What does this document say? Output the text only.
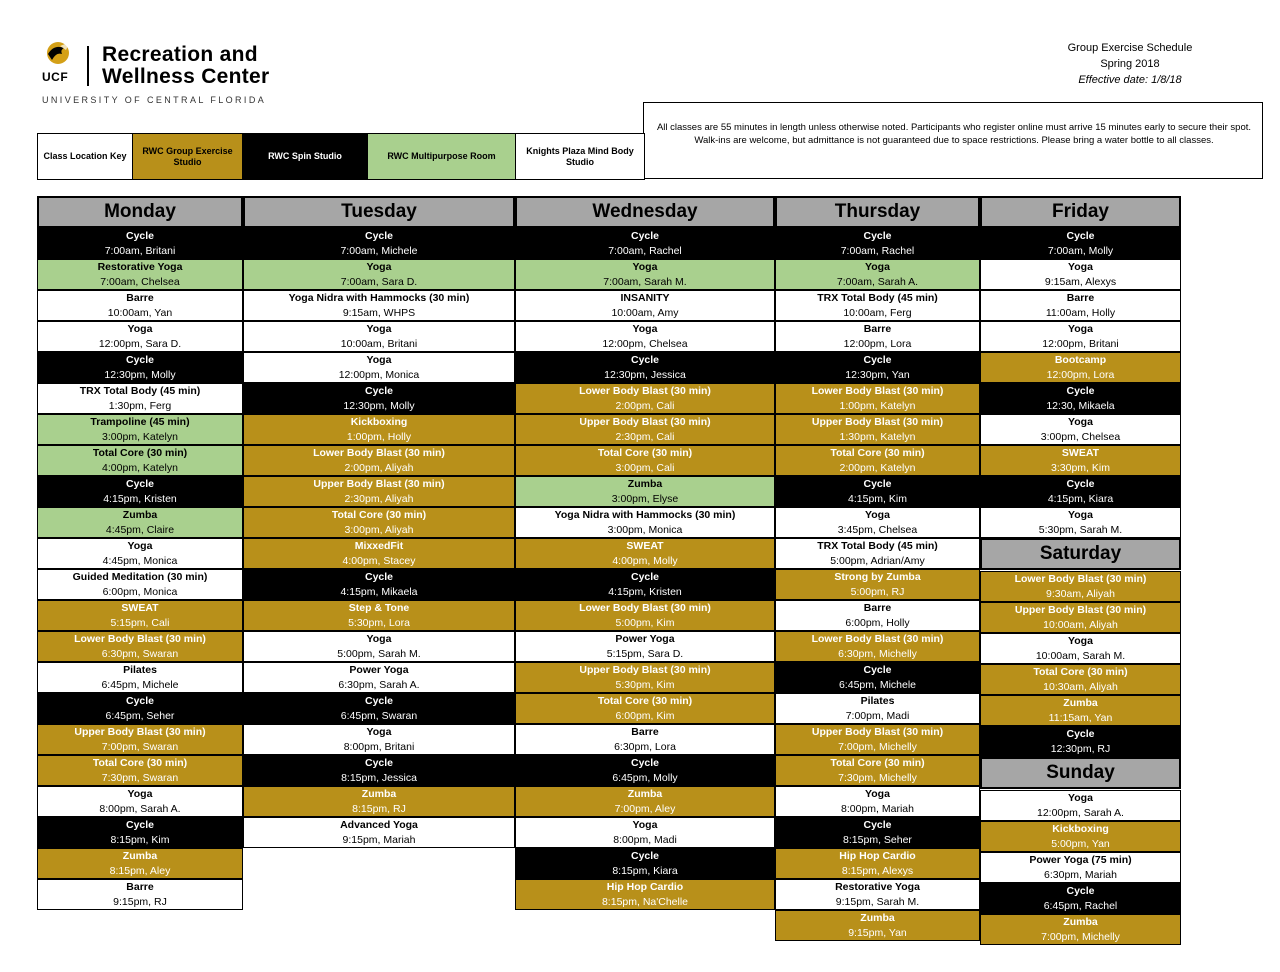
UCF
Recreation and
Wellness Center
UNIVERSITY OF CENTRAL FLORIDA
Group Exercise Schedule
Spring 2018
Effective date: 1/8/18
All classes are 55 minutes in length unless otherwise noted. Participants who register online must arrive 15 minutes early to secure their spot. Walk-ins are welcome, but admittance is not guaranteed due to space restrictions. Please bring a water bottle to all classes.
Class Location Key
RWC Group Exercise Studio
RWC Spin Studio	RWC Multipurpose Room
Knights Plaza Mind Body Studio
Monday
Cycle
7:00am, Britani
Restorative Yoga
7:00am, Chelsea
Barre
10:00am, Yan
Yoga
12:00pm, Sara D.
Cycle
12:30pm, Molly
TRX Total Body (45 min)
1:30pm, Ferg
Trampoline (45 min)
3:00pm, Katelyn
Total Core (30 min)
4:00pm, Katelyn
Cycle
4:15pm, Kristen
Zumba
4:45pm, Claire
Yoga
4:45pm, Monica
Guided Meditation (30 min)
6:00pm, Monica
SWEAT
5:15pm, Cali
Lower Body Blast (30 min)
6:30pm, Swaran
Pilates
6:45pm, Michele
Cycle
6:45pm, Seher
Upper Body Blast (30 min)
7:00pm, Swaran
Total Core (30 min)
7:30pm, Swaran
Yoga
8:00pm, Sarah A.
Cycle
8:15pm, Kim
Zumba
8:15pm, Aley
Barre
9:15pm, RJ
Tuesday
Cycle
7:00am, Michele
Yoga
7:00am, Sara D.
Yoga Nidra with Hammocks (30 min)
9:15am, WHPS
Yoga
10:00am, Britani
Yoga
12:00pm, Monica
Cycle
12:30pm, Molly
Kickboxing
1:00pm, Holly
Lower Body Blast (30 min)
2:00pm, Aliyah
Upper Body Blast (30 min)
2:30pm, Aliyah
Total Core (30 min)
3:00pm, Aliyah
MixxedFit
4:00pm, Stacey
Cycle
4:15pm, Mikaela
Step & Tone
5:30pm, Lora
Yoga
5:00pm, Sarah M.
Power Yoga
6:30pm, Sarah A.
Cycle
6:45pm, Swaran
Yoga
8:00pm, Britani
Cycle
8:15pm, Jessica
Zumba
8:15pm, RJ
Advanced Yoga
9:15pm, Mariah
Wednesday
Cycle
7:00am, Rachel
Yoga
7:00am, Sarah M.
INSANITY
10:00am, Amy
Yoga
12:00pm, Chelsea
Cycle
12:30pm, Jessica
Lower Body Blast (30 min)
2:00pm, Cali
Upper Body Blast (30 min)
2:30pm, Cali
Total Core (30 min)
3:00pm, Cali
Zumba
3:00pm, Elyse
Yoga Nidra with Hammocks (30 min)
3:00pm, Monica
SWEAT
4:00pm, Molly
Cycle
4:15pm, Kristen
Lower Body Blast (30 min)
5:00pm, Kim
Power Yoga
5:15pm, Sara D.
Upper Body Blast (30 min)
5:30pm, Kim
Total Core (30 min)
6:00pm, Kim
Barre
6:30pm, Lora
Cycle
6:45pm, Molly
Zumba
7:00pm, Aley
Yoga
8:00pm, Madi
Cycle
8:15pm, Kiara
Hip Hop Cardio
8:15pm, Na'Chelle
Thursday
Cycle
7:00am, Rachel
Yoga
7:00am, Sarah A.
TRX Total Body (45 min)
10:00am, Ferg
Barre
12:00pm, Lora
Cycle
12:30pm, Yan
Lower Body Blast (30 min)
1:00pm, Katelyn
Upper Body Blast (30 min)
1:30pm, Katelyn
Total Core (30 min)
2:00pm, Katelyn
Cycle
4:15pm, Kim
Yoga
3:45pm, Chelsea
TRX Total Body (45 min)
5:00pm, Adrian/Amy
Strong by Zumba
5:00pm, RJ
Barre
6:00pm, Holly
Lower Body Blast (30 min)
6:30pm, Michelly
Cycle
6:45pm, Michele
Pilates
7:00pm, Madi
Upper Body Blast (30 min)
7:00pm, Michelly
Total Core (30 min)
7:30pm, Michelly
Yoga
8:00pm, Mariah
Cycle
8:15pm, Seher
Hip Hop Cardio
8:15pm, Alexys
Restorative Yoga
9:15pm, Sarah M.
Zumba
9:15pm, Yan
Friday
Cycle
7:00am, Molly
Yoga
9:15am, Alexys
Barre
11:00am, Holly
Yoga
12:00pm, Britani
Bootcamp
12:00pm, Lora
Cycle
12:30, Mikaela
Yoga
3:00pm, Chelsea
SWEAT
3:30pm, Kim
Cycle
4:15pm, Kiara
Yoga
5:30pm, Sarah M.
Saturday
Lower Body Blast (30 min)
9:30am, Aliyah
Upper Body Blast (30 min)
10:00am, Aliyah
Yoga
10:00am, Sarah M.
Total Core (30 min)
10:30am, Aliyah
Zumba
11:15am, Yan
Cycle
12:30pm, RJ
Sunday
Yoga
12:00pm, Sarah A.
Kickboxing
5:00pm, Yan
Power Yoga (75 min)
6:30pm, Mariah
Cycle
6:45pm, Rachel
Zumba
7:00pm, Michelly
